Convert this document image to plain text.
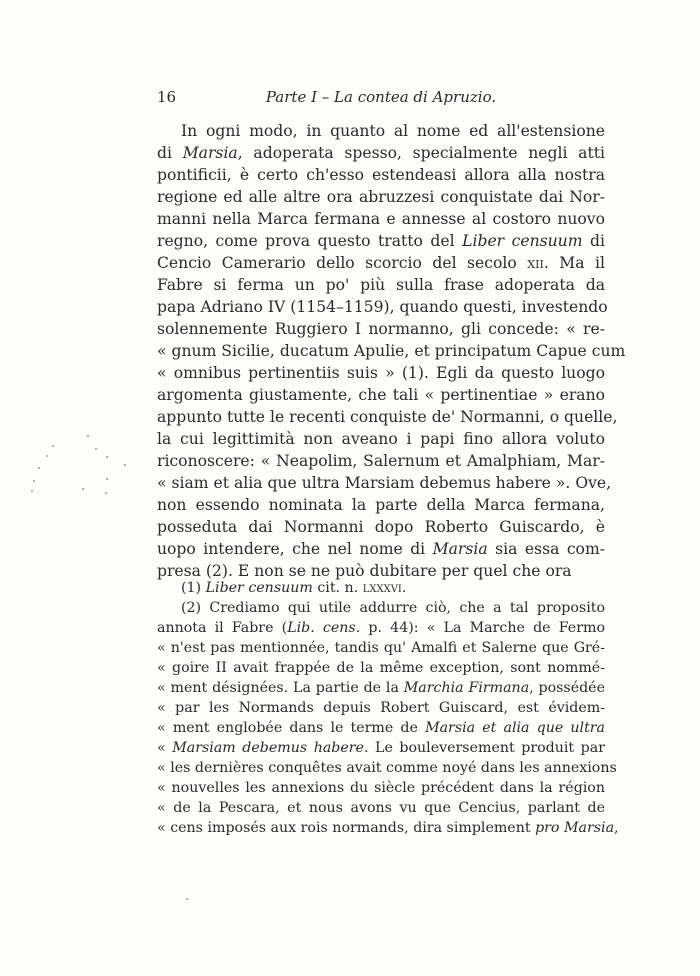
16	Parte I – La contea di Apruzio.
In ogni modo, in quanto al nome ed all'estensione
di Marsia, adoperata spesso, specialmente negli atti
pontificii, è certo ch'esso estendeasi allora alla nostra
regione ed alle altre ora abruzzesi conquistate dai Nor-
manni nella Marca fermana e annesse al costoro nuovo
regno, come prova questo tratto del Liber censuum di
Cencio Camerario dello scorcio del secolo xii. Ma il
Fabre si ferma un po' più sulla frase adoperata da
papa Adriano IV (1154–1159), quando questi, investendo
solennemente Ruggiero I normanno, gli concede: « re-
« gnum Sicilie, ducatum Apulie, et principatum Capue cum
« omnibus pertinentiis suis » (1). Egli da questo luogo
argomenta giustamente, che tali « pertinentiae » erano
appunto tutte le recenti conquiste de' Normanni, o quelle,
la cui legittimità non aveano i papi fino allora voluto
riconoscere: « Neapolim, Salernum et Amalphiam, Mar-
« siam et alia que ultra Marsiam debemus habere ». Ove,
non essendo nominata la parte della Marca fermana,
posseduta dai Normanni dopo Roberto Guiscardo, è
uopo intendere, che nel nome di Marsia sia essa com-
presa (2). E non se ne può dubitare per quel che ora
(1) Liber censuum cit. n. lxxxvi.
(2) Crediamo qui utile addurre ciò, che a tal proposito
annota il Fabre (Lib. cens. p. 44): « La Marche de Fermo
« n'est pas mentionnée, tandis qu' Amalfi et Salerne que Gré-
« goire II avait frappée de la même exception, sont nommé-
« ment désignées. La partie de la Marchia Firmana, possédée
« par les Normands depuis Robert Guiscard, est évidem-
« ment englobée dans le terme de Marsia et alia que ultra
« Marsiam debemus habere. Le bouleversement produit par
« les dernières conquêtes avait comme noyé dans les annexions
« nouvelles les annexions du siècle précédent dans la région
« de la Pescara, et nous avons vu que Cencius, parlant de
« cens imposés aux rois normands, dira simplement pro Marsia,
